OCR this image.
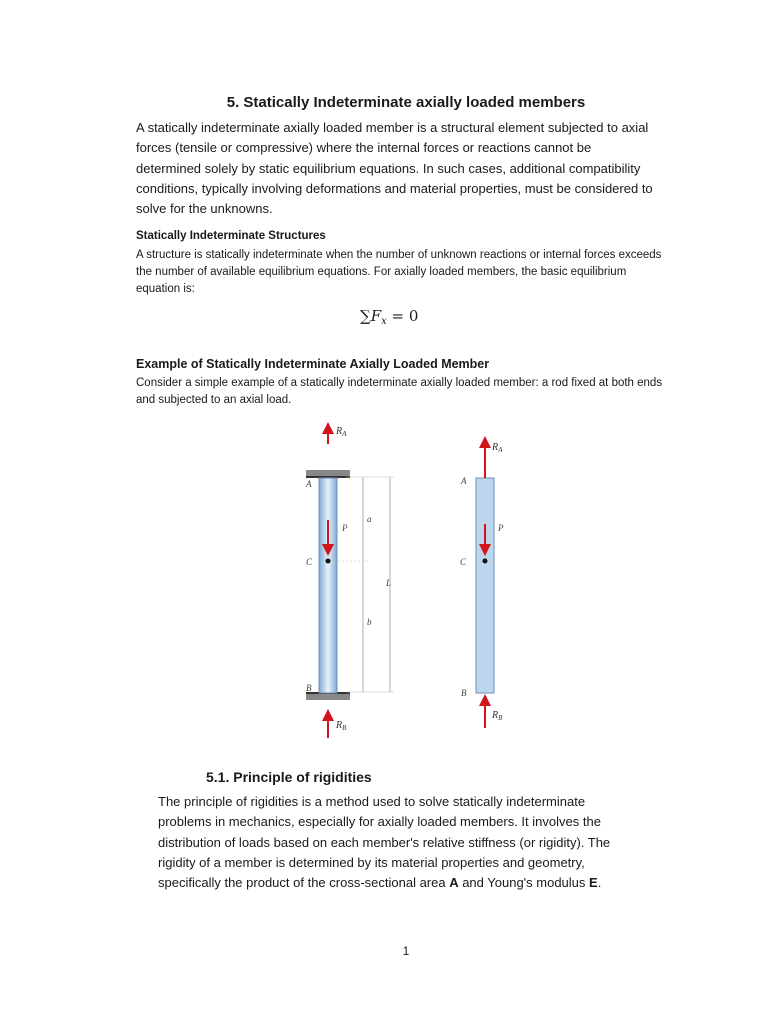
5. Statically Indeterminate axially loaded members
A statically indeterminate axially loaded member is a structural element subjected to axial forces (tensile or compressive) where the internal forces or reactions cannot be determined solely by static equilibrium equations. In such cases, additional compatibility conditions, typically involving deformations and material properties, must be considered to solve for the unknowns.
Statically Indeterminate Structures
A structure is statically indeterminate when the number of unknown reactions or internal forces exceeds the number of available equilibrium equations. For axially loaded members, the basic equilibrium equation is:
$\sum F_x = 0$
Example of Statically Indeterminate Axially Loaded Member
Consider a simple example of a statically indeterminate axially loaded member: a rod fixed at both ends and subjected to an axial load.
$R_A$
$R_B$
A
B
C
P
a
b
L
$R_A$
$R_B$
A
B
C
P
5.1. Principle of rigidities
The principle of rigidities is a method used to solve statically indeterminate problems in mechanics, especially for axially loaded members. It involves the distribution of loads based on each member's relative stiffness (or rigidity). The rigidity of a member is determined by its material properties and geometry, specifically the product of the cross-sectional area A and Young's modulus E.
1
